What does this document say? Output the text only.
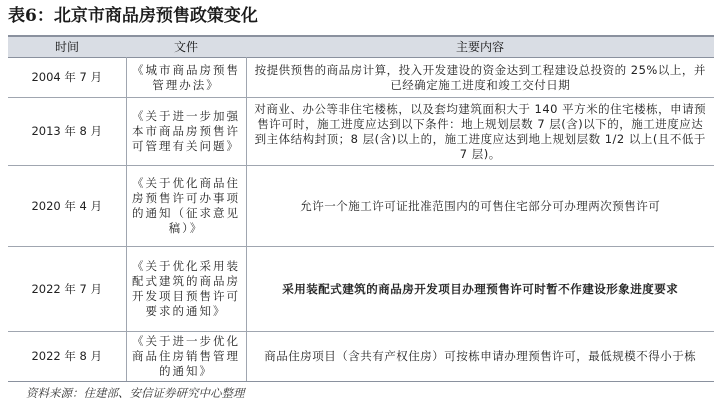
表6：北京市商品房预售政策变化
时间	文件	主要内容
2004 年 7 月	《城市商品房预售管理办法》	按提供预售的商品房计算，投入开发建设的资金达到工程建设总投资的 25%以上，并已经确定施工进度和竣工交付日期
2013 年 8 月	《关于进一步加强本市商品房预售许可管理有关问题》	对商业、办公等非住宅楼栋，以及套均建筑面积大于 140 平方米的住宅楼栋，申请预售许可时，施工进度应达到以下条件：地上规划层数 7 层(含)以下的，施工进度应达到主体结构封顶；8 层(含)以上的，施工进度应达到地上规划层数 1/2 以上(且不低于 7 层)。
2020 年 4 月	《关于优化商品住房预售许可办事项的通知（征求意见稿）》	允许一个施工许可证批准范围内的可售住宅部分可办理两次预售许可
2022 年 7 月	《关于优化采用装配式建筑的商品房开发项目预售许可要求的通知》	采用装配式建筑的商品房开发项目办理预售许可时暂不作建设形象进度要求
2022 年 8 月	《关于进一步优化商品住房销售管理的通知》	商品住房项目（含共有产权住房）可按栋申请办理预售许可，最低规模不得小于栋
资料来源：住建部、安信证券研究中心整理
